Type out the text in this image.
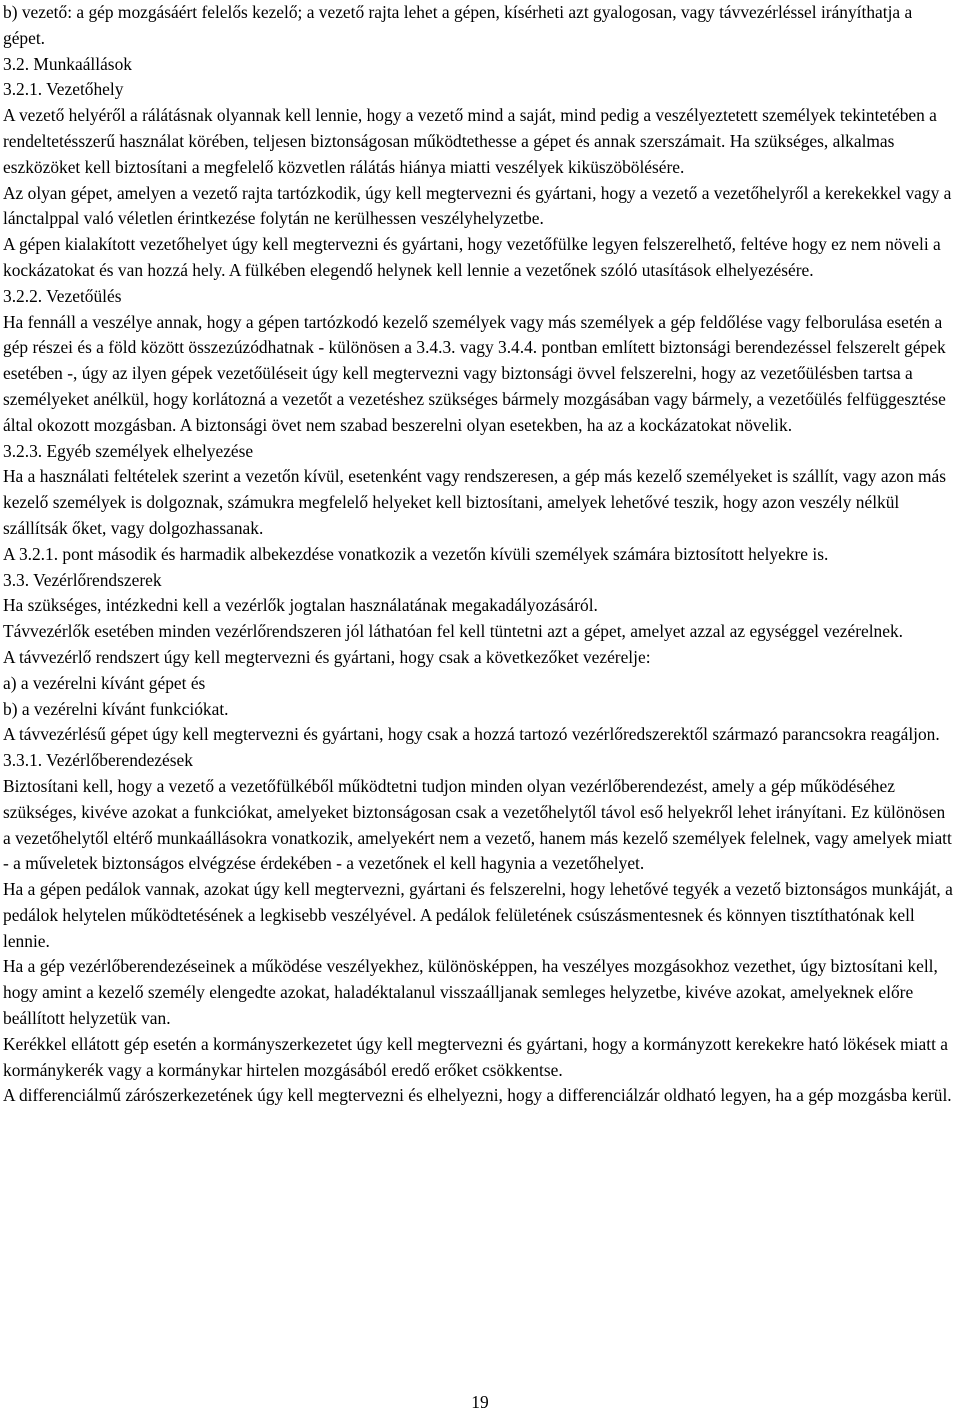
b) vezető: a gép mozgásáért felelős kezelő; a vezető rajta lehet a gépen, kísérheti azt gyalogosan, vagy távvezérléssel irányíthatja a gépet.

3.2. Munkaállások

3.2.1. Vezetőhely

A vezető helyéről a rálátásnak olyannak kell lennie, hogy a vezető mind a saját, mind pedig a veszélyeztetett személyek tekintetében a rendeltetésszerű használat körében, teljesen biztonságosan működtethesse a gépet és annak szerszámait. Ha szükséges, alkalmas eszközöket kell biztosítani a megfelelő közvetlen rálátás hiánya miatti veszélyek kiküszöbölésére.

Az olyan gépet, amelyen a vezető rajta tartózkodik, úgy kell megtervezni és gyártani, hogy a vezető a vezetőhelyről a kerekekkel vagy a lánctalppal való véletlen érintkezése folytán ne kerülhessen veszélyhelyzetbe.

A gépen kialakított vezetőhelyet úgy kell megtervezni és gyártani, hogy vezetőfülke legyen felszerelhető, feltéve hogy ez nem növeli a kockázatokat és van hozzá hely. A fülkében elegendő helynek kell lennie a vezetőnek szóló utasítások elhelyezésére.

3.2.2. Vezetőülés

Ha fennáll a veszélye annak, hogy a gépen tartózkodó kezelő személyek vagy más személyek a gép feldőlése vagy felborulása esetén a gép részei és a föld között összezúzódhatnak - különösen a 3.4.3. vagy 3.4.4. pontban említett biztonsági berendezéssel felszerelt gépek esetében -, úgy az ilyen gépek vezetőüléseit úgy kell megtervezni vagy biztonsági övvel felszerelni, hogy az vezetőülésben tartsa a személyeket anélkül, hogy korlátozná a vezetőt a vezetéshez szükséges bármely mozgásában vagy bármely, a vezetőülés felfüggesztése által okozott mozgásban. A biztonsági övet nem szabad beszerelni olyan esetekben, ha az a kockázatokat növelik.

3.2.3. Egyéb személyek elhelyezése

Ha a használati feltételek szerint a vezetőn kívül, esetenként vagy rendszeresen, a gép más kezelő személyeket is szállít, vagy azon más kezelő személyek is dolgoznak, számukra megfelelő helyeket kell biztosítani, amelyek lehetővé teszik, hogy azon veszély nélkül szállítsák őket, vagy dolgozhassanak.

A 3.2.1. pont második és harmadik albekezdése vonatkozik a vezetőn kívüli személyek számára biztosított helyekre is.

3.3. Vezérlőrendszerek

Ha szükséges, intézkedni kell a vezérlők jogtalan használatának megakadályozásáról.

Távvezérlők esetében minden vezérlőrendszeren jól láthatóan fel kell tüntetni azt a gépet, amelyet azzal az egységgel vezérelnek.

A távvezérlő rendszert úgy kell megtervezni és gyártani, hogy csak a következőket vezérelje:

a) a vezérelni kívánt gépet és

b) a vezérelni kívánt funkciókat.

A távvezérlésű gépet úgy kell megtervezni és gyártani, hogy csak a hozzá tartozó vezérlőredszerektől származó parancsokra reagáljon.

3.3.1. Vezérlőberendezések

Biztosítani kell, hogy a vezető a vezetőfülkéből működtetni tudjon minden olyan vezérlőberendezést, amely a gép működéséhez szükséges, kivéve azokat a funkciókat, amelyeket biztonságosan csak a vezetőhelytől távol eső helyekről lehet irányítani. Ez különösen a vezetőhelytől eltérő munkaállásokra vonatkozik, amelyekért nem a vezető, hanem más kezelő személyek felelnek, vagy amelyek miatt - a műveletek biztonságos elvégzése érdekében - a vezetőnek el kell hagynia a vezetőhelyet.

Ha a gépen pedálok vannak, azokat úgy kell megtervezni, gyártani és felszerelni, hogy lehetővé tegyék a vezető biztonságos munkáját, a pedálok helytelen működtetésének a legkisebb veszélyével. A pedálok felületének csúszásmentesnek és könnyen tisztíthatónak kell lennie.

Ha a gép vezérlőberendezéseinek a működése veszélyekhez, különösképpen, ha veszélyes mozgásokhoz vezethet, úgy biztosítani kell, hogy amint a kezelő személy elengedte azokat, haladéktalanul visszaálljanak semleges helyzetbe, kivéve azokat, amelyeknek előre beállított helyzetük van.

Kerékkel ellátott gép esetén a kormányszerkezetet úgy kell megtervezni és gyártani, hogy a kormányzott kerekekre ható lökések miatt a kormánykerék vagy a kormánykar hirtelen mozgásából eredő erőket csökkentse.

A differenciálmű zárószerkezetének úgy kell megtervezni és elhelyezni, hogy a differenciálzár oldható legyen, ha a gép mozgásba kerül.

19
